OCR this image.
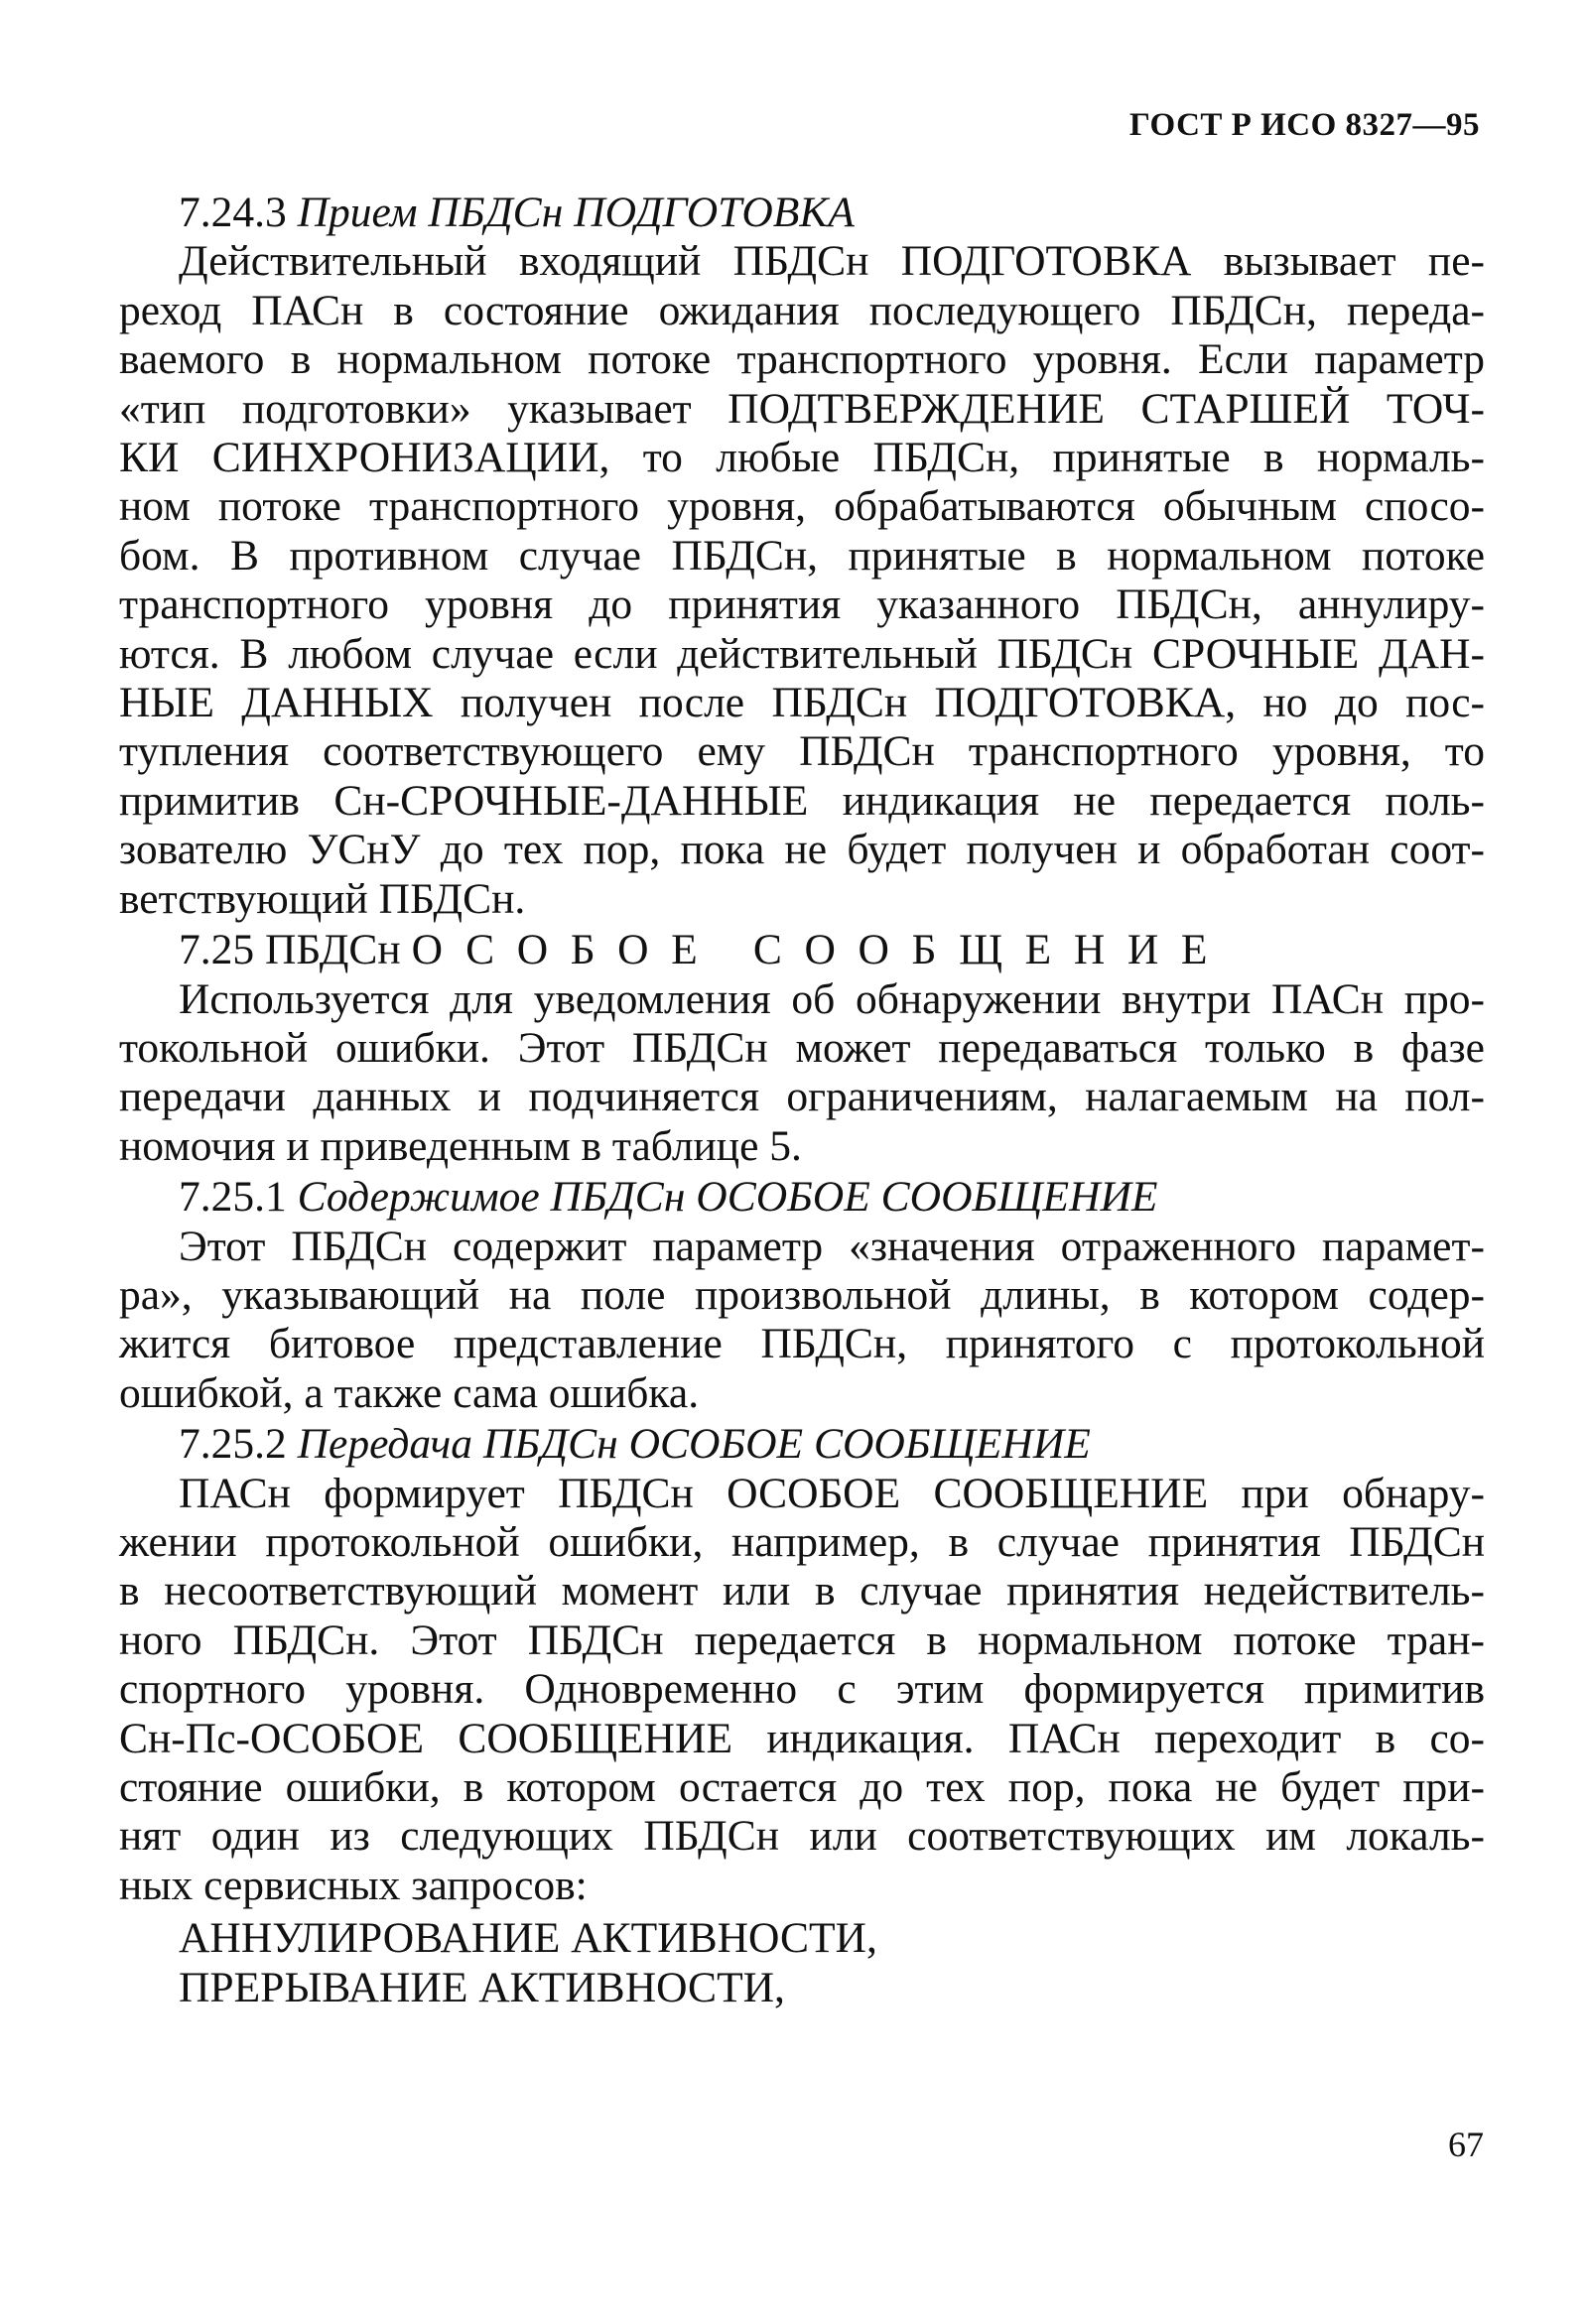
ГОСТ Р ИСО 8327—95
7.24.3 Прием ПБДСн ПОДГОТОВКА
Действительный входящий ПБДСн ПОДГОТОВКА вызывает пе-
реход ПАСн в состояние ожидания последующего ПБДСн, переда-
ваемого в нормальном потоке транспортного уровня. Если параметр
«тип подготовки» указывает ПОДТВЕРЖДЕНИЕ СТАРШЕЙ ТОЧ-
КИ СИНХРОНИЗАЦИИ, то любые ПБДСн, принятые в нормаль-
ном потоке транспортного уровня, обрабатываются обычным спосо-
бом. В противном случае ПБДСн, принятые в нормальном потоке
транспортного уровня до принятия указанного ПБДСн, аннулиру-
ются. В любом случае если действительный ПБДСн СРОЧНЫЕ ДАН-
НЫЕ ДАННЫХ получен после ПБДСн ПОДГОТОВКА, но до пос-
тупления соответствующего ему ПБДСн транспортного уровня, то
примитив Сн-СРОЧНЫЕ-ДАННЫЕ индикация не передается поль-
зователю УСнУ до тех пор, пока не будет получен и обработан соот-
ветствующий ПБДСн.
7.25 ПБДСн ОСОБОЕ СООБЩЕНИЕ
Используется для уведомления об обнаружении внутри ПАСн про-
токольной ошибки. Этот ПБДСн может передаваться только в фазе
передачи данных и подчиняется ограничениям, налагаемым на пол-
номочия и приведенным в таблице 5.
7.25.1 Содержимое ПБДСн ОСОБОЕ СООБЩЕНИЕ
Этот ПБДСн содержит параметр «значения отраженного парамет-
ра», указывающий на поле произвольной длины, в котором содер-
жится битовое представление ПБДСн, принятого с протокольной
ошибкой, а также сама ошибка.
7.25.2 Передача ПБДСн ОСОБОЕ СООБЩЕНИЕ
ПАСн формирует ПБДСн ОСОБОЕ СООБЩЕНИЕ при обнару-
жении протокольной ошибки, например, в случае принятия ПБДСн
в несоответствующий момент или в случае принятия недействитель-
ного ПБДСн. Этот ПБДСн передается в нормальном потоке тран-
спортного уровня. Одновременно с этим формируется примитив
Сн-Пс-ОСОБОЕ СООБЩЕНИЕ индикация. ПАСн переходит в со-
стояние ошибки, в котором остается до тех пор, пока не будет при-
нят один из следующих ПБДСн или соответствующих им локаль-
ных сервисных запросов:
АННУЛИРОВАНИЕ АКТИВНОСТИ,
ПРЕРЫВАНИЕ АКТИВНОСТИ,
67
